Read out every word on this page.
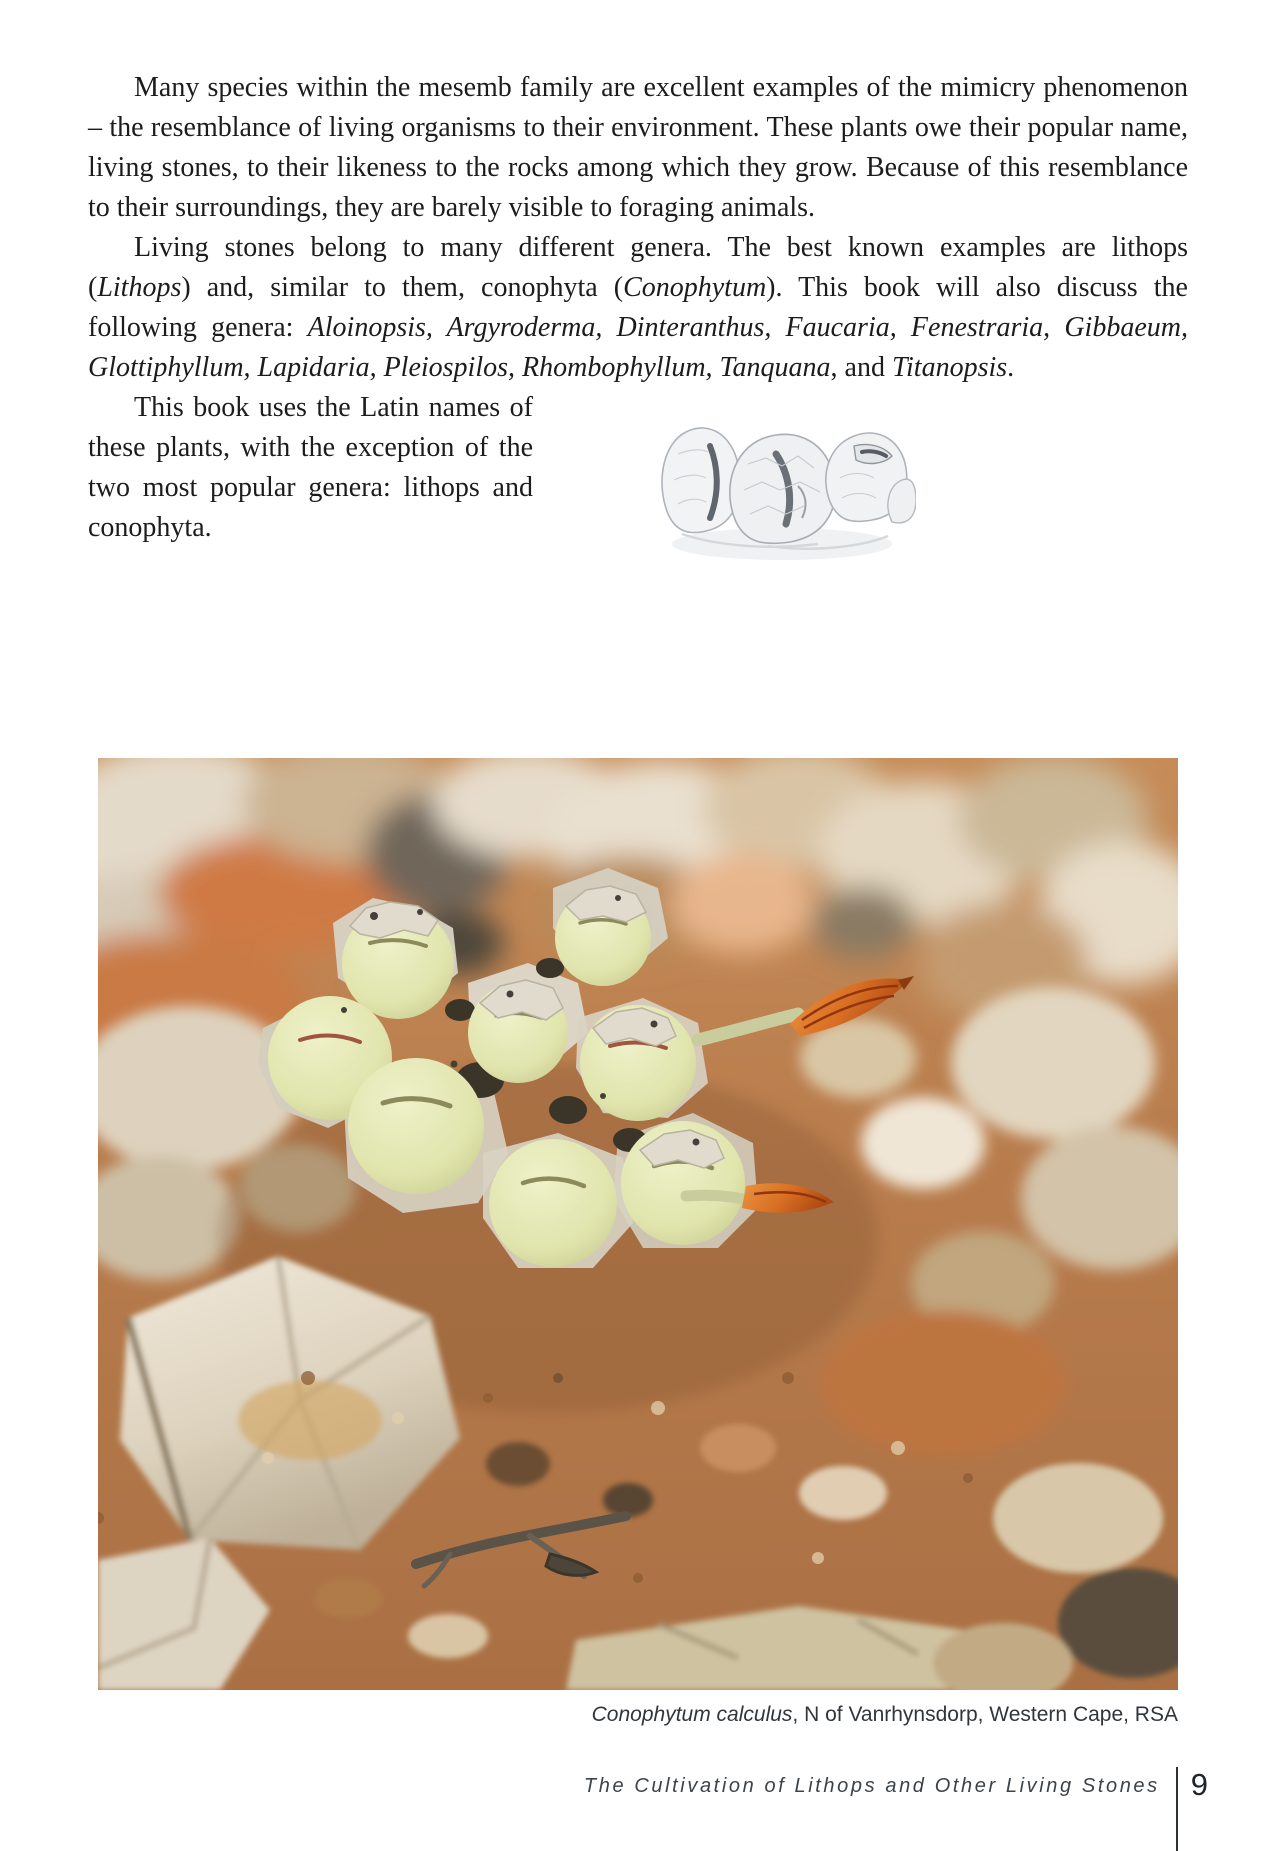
Many species within the mesemb family are excellent examples of the mimicry phenomenon – the resemblance of living organisms to their environment. These plants owe their popular name, living stones, to their likeness to the rocks among which they grow. Because of this resemblance to their surroundings, they are barely visible to foraging animals.

Living stones belong to many different genera. The best known examples are lithops (Lithops) and, similar to them, conophyta (Conophytum). This book will also discuss the following genera: Aloinopsis, Argyroderma, Dinteranthus, Faucaria, Fenestraria, Gibbaeum, Glottiphyllum, Lapidaria, Pleiospilos, Rhombophyllum, Tanquana, and Titanopsis.

This book uses the Latin names of these plants, with the exception of the two most popular genera: lithops and conophyta.

Conophytum calculus, N of Vanrhynsdorp, Western Cape, RSA
The Cultivation of Lithops and Other Living Stones 9
